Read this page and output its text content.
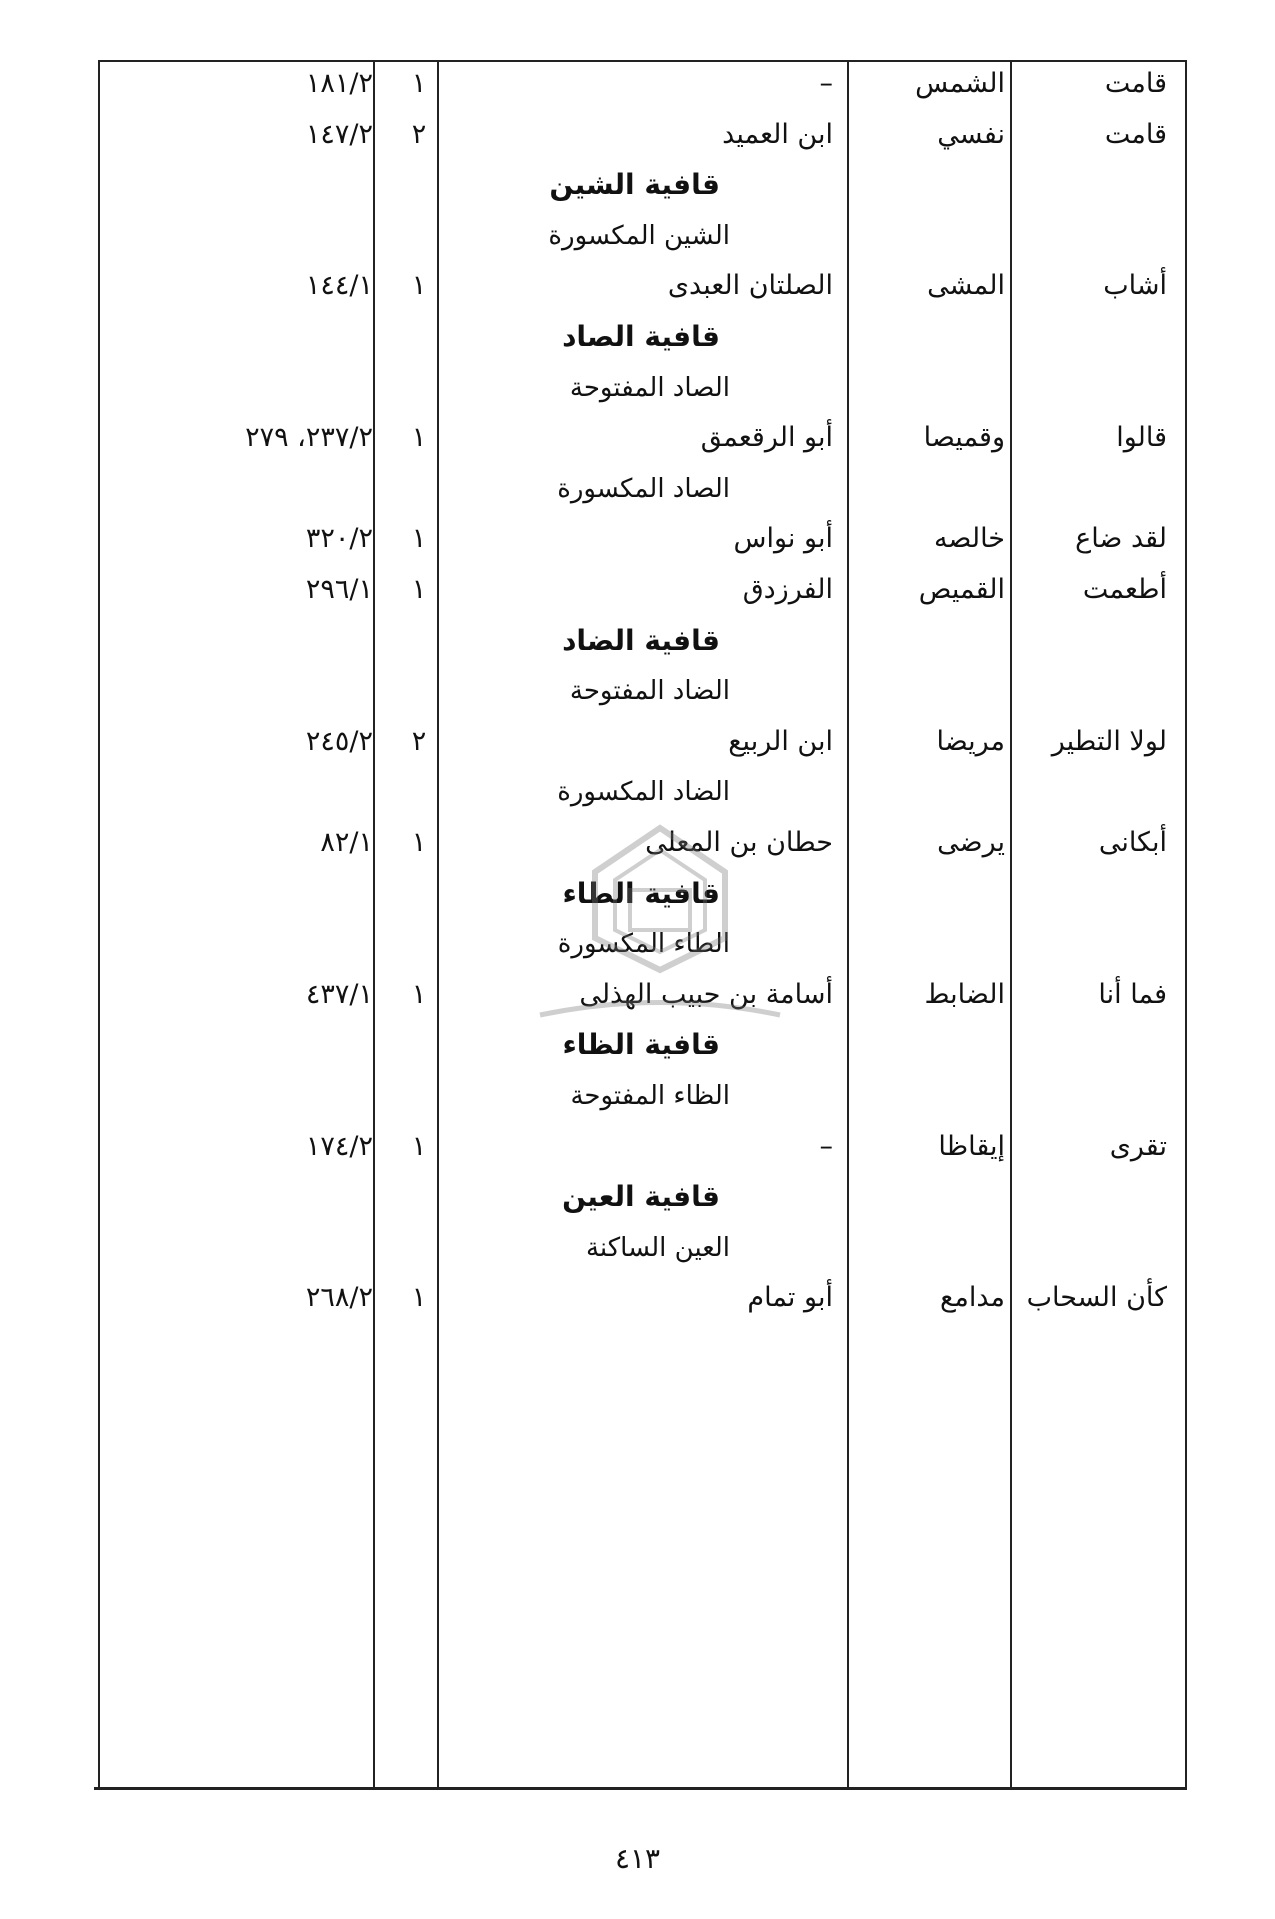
قامت
الشمس
–
١
١٨١/٢
قامت
نفسي
ابن العميد
٢
١٤٧/٢
قافية الشين
الشين المكسورة
أشاب
المشى
الصلتان العبدى
١
١٤٤/١
قافية الصاد
الصاد المفتوحة
قالوا
وقميصا
أبو الرقعمق
١
٢٣٧/٢، ٢٧٩
الصاد المكسورة
لقد ضاع
خالصه
أبو نواس
١
٣٢٠/٢
أطعمت
القميص
الفرزدق
١
٢٩٦/١
قافية الضاد
الضاد المفتوحة
لولا التطير
مريضا
ابن الربيع
٢
٢٤٥/٢
الضاد المكسورة
أبكانى
يرضى
حطان بن المعلى
١
٨٢/١
قافية الطاء
الطاء المكسورة
فما أنا
الضابط
أسامة بن حبيب الهذلى
١
٤٣٧/١
قافية الظاء
الظاء المفتوحة
تقرى
إيقاظا
–
١
١٧٤/٢
قافية العين
العين الساكنة
كأن السحاب
مدامع
أبو تمام
١
٢٦٨/٢
٤١٣
